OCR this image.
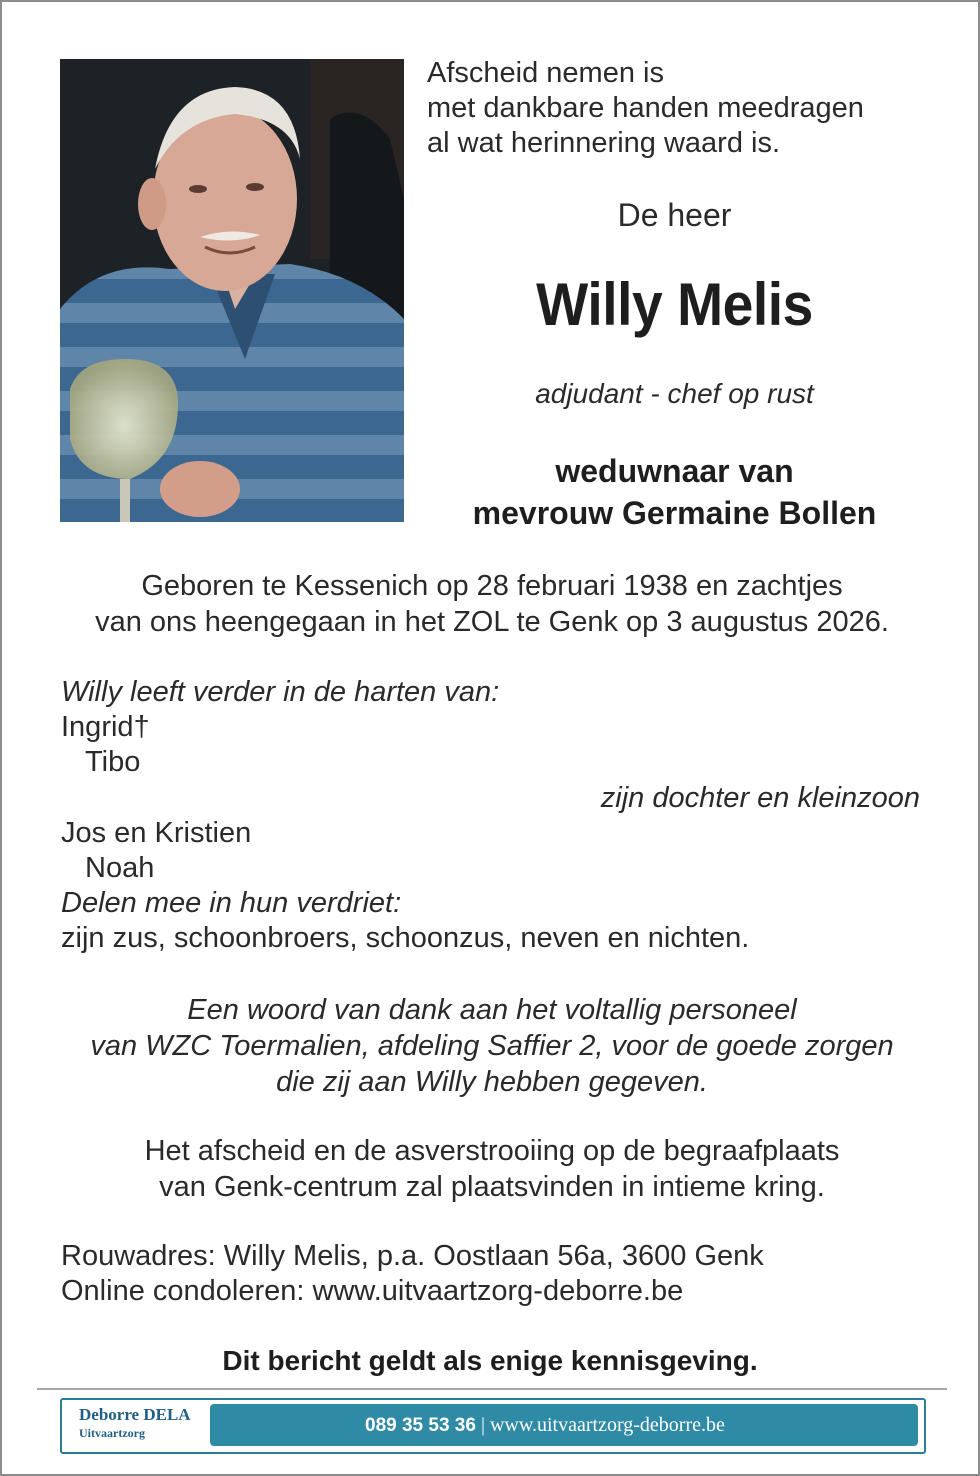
Afscheid nemen is
met dankbare handen meedragen
al wat herinnering waard is.
De heer
Willy Melis
adjudant - chef op rust
weduwnaar van
mevrouw Germaine Bollen
Geboren te Kessenich op 28 februari 1938 en zachtjes
van ons heengegaan in het ZOL te Genk op 3 augustus 2026.
Willy leeft verder in de harten van:
Ingrid†
Tibo
zijn dochter en kleinzoon
Jos en Kristien
Noah
Delen mee in hun verdriet:
zijn zus, schoonbroers, schoonzus, neven en nichten.
Een woord van dank aan het voltallig personeel
van WZC Toermalien, afdeling Saffier 2, voor de goede zorgen
die zij aan Willy hebben gegeven.
Het afscheid en de asverstrooiing op de begraafplaats
van Genk-centrum zal plaatsvinden in intieme kring.
Rouwadres: Willy Melis, p.a. Oostlaan 56a, 3600 Genk
Online condoleren: www.uitvaartzorg-deborre.be
Dit bericht geldt als enige kennisgeving.
Deborre DELA
Uitvaartzorg	089 35 53 36 | www.uitvaartzorg-deborre.be
